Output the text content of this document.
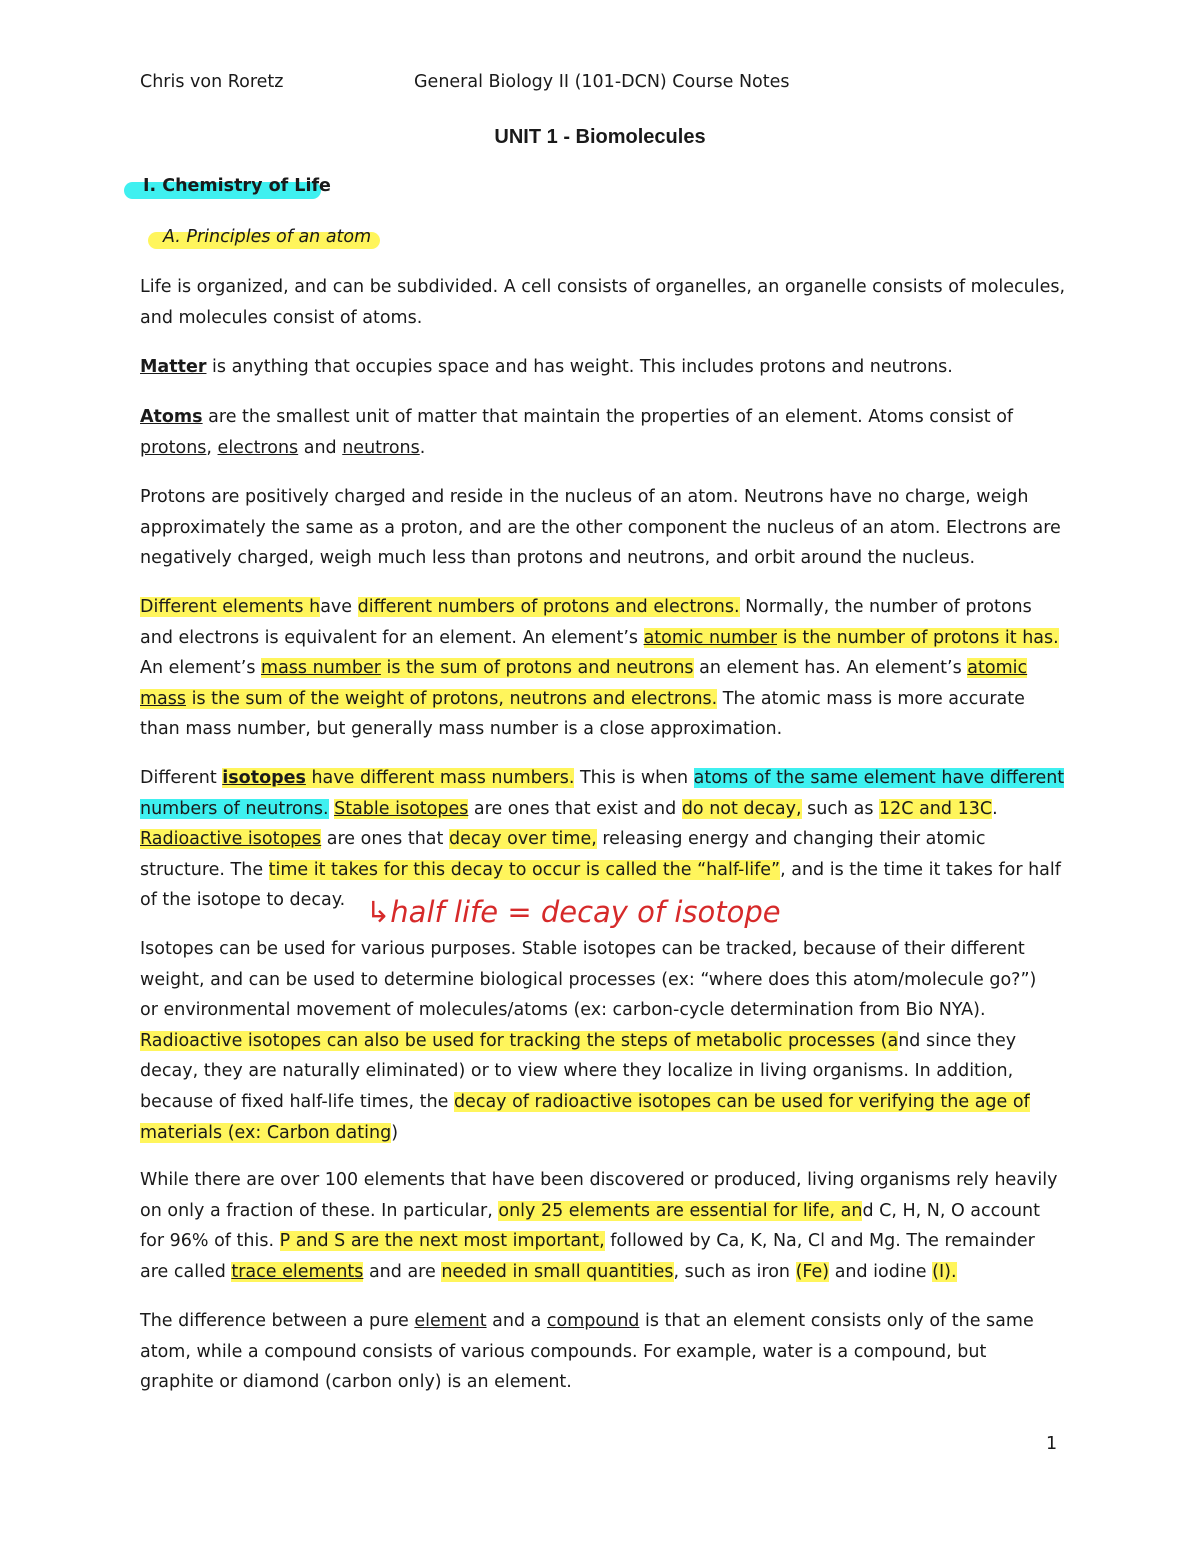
Chris von Roretz	General Biology II (101-DCN) Course Notes
UNIT 1 - Biomolecules
I. Chemistry of Life
A. Principles of an atom
Life is organized, and can be subdivided. A cell consists of organelles, an organelle consists of molecules,
and molecules consist of atoms.
Matter is anything that occupies space and has weight. This includes protons and neutrons.
Atoms are the smallest unit of matter that maintain the properties of an element. Atoms consist of
protons, electrons and neutrons.
Protons are positively charged and reside in the nucleus of an atom. Neutrons have no charge, weigh
approximately the same as a proton, and are the other component the nucleus of an atom. Electrons are
negatively charged, weigh much less than protons and neutrons, and orbit around the nucleus.
Different elements have different numbers of protons and electrons. Normally, the number of protons
and electrons is equivalent for an element. An element’s atomic number is the number of protons it has.
An element’s mass number is the sum of protons and neutrons an element has. An element’s atomic
mass is the sum of the weight of protons, neutrons and electrons. The atomic mass is more accurate
than mass number, but generally mass number is a close approximation.
Different isotopes have different mass numbers. This is when atoms of the same element have different
numbers of neutrons. Stable isotopes are ones that exist and do not decay, such as 12C and 13C.
Radioactive isotopes are ones that decay over time, releasing energy and changing their atomic
structure. The time it takes for this decay to occur is called the “half-life”, and is the time it takes for half
of the isotope to decay.
Isotopes can be used for various purposes. Stable isotopes can be tracked, because of their different
weight, and can be used to determine biological processes (ex: “where does this atom/molecule go?”)
or environmental movement of molecules/atoms (ex: carbon-cycle determination from Bio NYA).
Radioactive isotopes can also be used for tracking the steps of metabolic processes (and since they
decay, they are naturally eliminated) or to view where they localize in living organisms. In addition,
because of fixed half-life times, the decay of radioactive isotopes can be used for verifying the age of
materials (ex: Carbon dating)
While there are over 100 elements that have been discovered or produced, living organisms rely heavily
on only a fraction of these. In particular, only 25 elements are essential for life, and C, H, N, O account
for 96% of this. P and S are the next most important, followed by Ca, K, Na, Cl and Mg. The remainder
are called trace elements and are needed in small quantities, such as iron (Fe) and iodine (I).
The difference between a pure element and a compound is that an element consists only of the same
atom, while a compound consists of various compounds. For example, water is a compound, but
graphite or diamond (carbon only) is an element.
↳half life = decay of isotope
1
